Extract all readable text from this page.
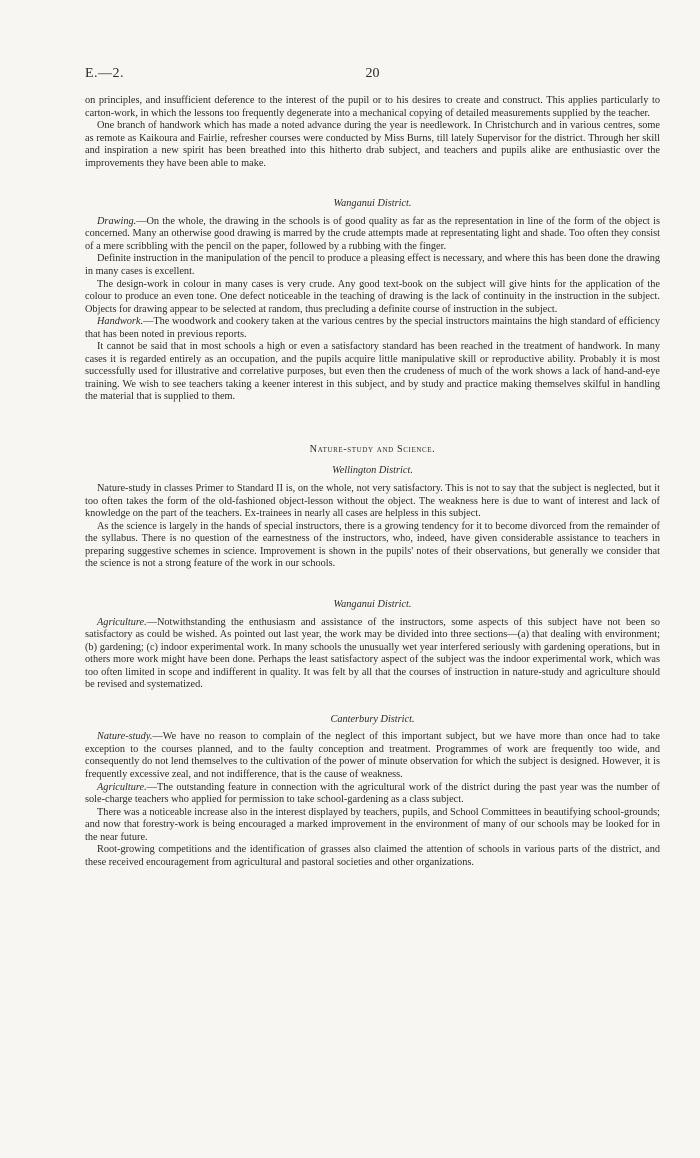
E.—2.	20

on principles, and insufficient deference to the interest of the pupil or to his desires to create and construct. This applies particularly to carton-work, in which the lessons too frequently degenerate into a mechanical copying of detailed measurements supplied by the teacher.

One branch of handwork which has made a noted advance during the year is needlework. In Christchurch and in various centres, some as remote as Kaikoura and Fairlie, refresher courses were conducted by Miss Burns, till lately Supervisor for the district. Through her skill and inspiration a new spirit has been breathed into this hitherto drab subject, and teachers and pupils alike are enthusiastic over the improvements they have been able to make.

Wanganui District.

Drawing.—On the whole, the drawing in the schools is of good quality as far as the representation in line of the form of the object is concerned. Many an otherwise good drawing is marred by the crude attempts made at representating light and shade. Too often they consist of a mere scribbling with the pencil on the paper, followed by a rubbing with the finger.

Definite instruction in the manipulation of the pencil to produce a pleasing effect is necessary, and where this has been done the drawing in many cases is excellent.

The design-work in colour in many cases is very crude. Any good text-book on the subject will give hints for the application of the colour to produce an even tone. One defect noticeable in the teaching of drawing is the lack of continuity in the instruction in the subject. Objects for drawing appear to be selected at random, thus precluding a definite course of instruction in the subject.

Handwork.—The woodwork and cookery taken at the various centres by the special instructors maintains the high standard of efficiency that has been noted in previous reports.

It cannot be said that in most schools a high or even a satisfactory standard has been reached in the treatment of handwork. In many cases it is regarded entirely as an occupation, and the pupils acquire little manipulative skill or reproductive ability. Probably it is most successfully used for illustrative and correlative purposes, but even then the crudeness of much of the work shows a lack of hand-and-eye training. We wish to see teachers taking a keener interest in this subject, and by study and practice making themselves skilful in handling the material that is supplied to them.

Nature-study and Science.
Wellington District.

Nature-study in classes Primer to Standard II is, on the whole, not very satisfactory. This is not to say that the subject is neglected, but it too often takes the form of the old-fashioned object-lesson without the object. The weakness here is due to want of interest and lack of knowledge on the part of the teachers. Ex-trainees in nearly all cases are helpless in this subject.

As the science is largely in the hands of special instructors, there is a growing tendency for it to become divorced from the remainder of the syllabus. There is no question of the earnestness of the instructors, who, indeed, have given considerable assistance to teachers in preparing suggestive schemes in science. Improvement is shown in the pupils' notes of their observations, but generally we consider that the science is not a strong feature of the work in our schools.

Wanganui District.

Agriculture.—Notwithstanding the enthusiasm and assistance of the instructors, some aspects of this subject have not been so satisfactory as could be wished. As pointed out last year, the work may be divided into three sections—(a) that dealing with environment; (b) gardening; (c) indoor experimental work. In many schools the unusually wet year interfered seriously with gardening operations, but in others more work might have been done. Perhaps the least satisfactory aspect of the subject was the indoor experimental work, which was too often limited in scope and indifferent in quality. It was felt by all that the courses of instruction in nature-study and agriculture should be revised and systematized.

Canterbury District.

Nature-study.—We have no reason to complain of the neglect of this important subject, but we have more than once had to take exception to the courses planned, and to the faulty conception and treatment. Programmes of work are frequently too wide, and consequently do not lend themselves to the cultivation of the power of minute observation for which the subject is designed. However, it is frequently excessive zeal, and not indifference, that is the cause of weakness.

Agriculture.—The outstanding feature in connection with the agricultural work of the district during the past year was the number of sole-charge teachers who applied for permission to take school-gardening as a class subject.

There was a noticeable increase also in the interest displayed by teachers, pupils, and School Committees in beautifying school-grounds; and now that forestry-work is being encouraged a marked improvement in the environment of many of our schools may be looked for in the near future.

Root-growing competitions and the identification of grasses also claimed the attention of schools in various parts of the district, and these received encouragement from agricultural and pastoral societies and other organizations.
